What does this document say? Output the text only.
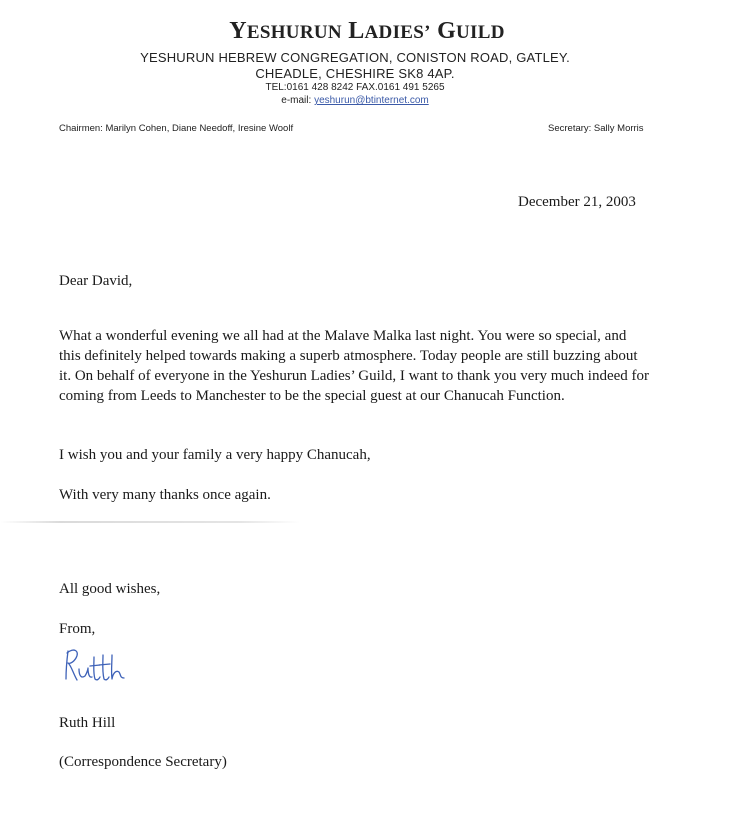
YESHURUN LADIES’ GUILD
YESHURUN HEBREW CONGREGATION, CONISTON ROAD, GATLEY.
CHEADLE, CHESHIRE SK8 4AP.
TEL:0161 428 8242 FAX.0161 491 5265
e-mail: yeshurun@btinternet.com
Chairmen: Marilyn Cohen, Diane Needoff, Iresine Woolf	Secretary: Sally Morris
December 21, 2003
Dear David,
What a wonderful evening we all had at the Malave Malka last night. You were so special, and this definitely helped towards making a superb atmosphere. Today people are still buzzing about it. On behalf of everyone in the Yeshurun Ladies’ Guild, I want to thank you very much indeed for coming from Leeds to Manchester to be the special guest at our Chanucah Function.
I wish you and your family a very happy Chanucah,
With very many thanks once again.
All good wishes,
From,
Ruth Hill
(Correspondence Secretary)
